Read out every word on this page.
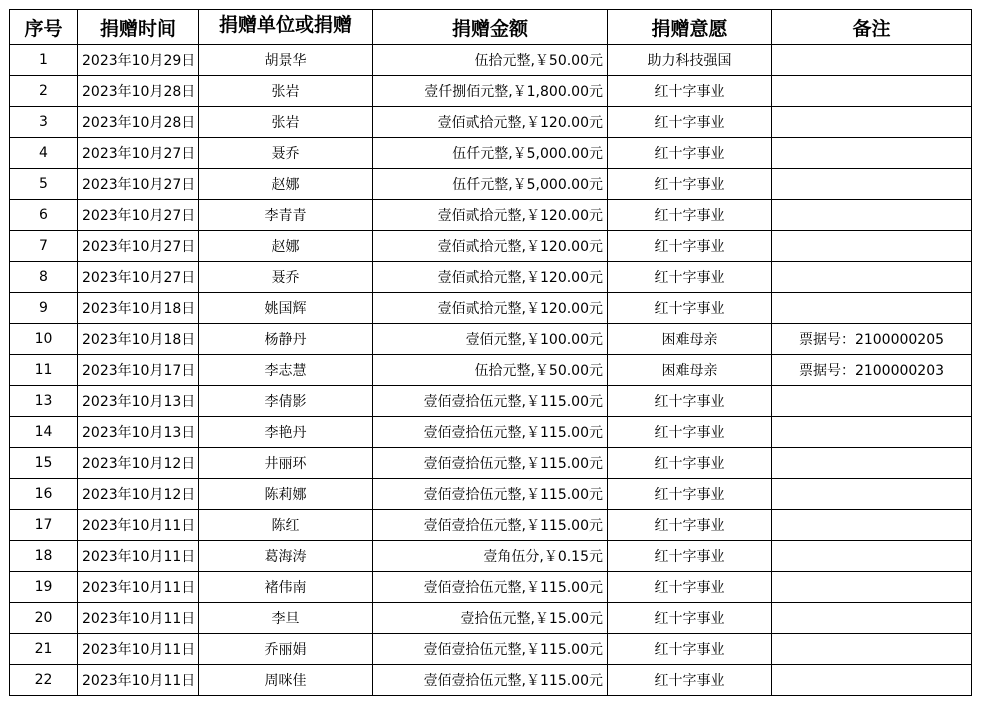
序号	捐赠时间	捐赠单位或捐赠	捐赠金额	捐赠意愿	备注
1	2023年10月29日	胡景华	伍拾元整,￥50.00元	助力科技强国	
2	2023年10月28日	张岩	壹仟捌佰元整,￥1,800.00元	红十字事业	
3	2023年10月28日	张岩	壹佰贰拾元整,￥120.00元	红十字事业	
4	2023年10月27日	聂乔	伍仟元整,￥5,000.00元	红十字事业	
5	2023年10月27日	赵娜	伍仟元整,￥5,000.00元	红十字事业	
6	2023年10月27日	李青青	壹佰贰拾元整,￥120.00元	红十字事业	
7	2023年10月27日	赵娜	壹佰贰拾元整,￥120.00元	红十字事业	
8	2023年10月27日	聂乔	壹佰贰拾元整,￥120.00元	红十字事业	
9	2023年10月18日	姚国辉	壹佰贰拾元整,￥120.00元	红十字事业	
10	2023年10月18日	杨静丹	壹佰元整,￥100.00元	困难母亲	票据号：2100000205
11	2023年10月17日	李志慧	伍拾元整,￥50.00元	困难母亲	票据号：2100000203
13	2023年10月13日	李倩影	壹佰壹拾伍元整,￥115.00元	红十字事业	
14	2023年10月13日	李艳丹	壹佰壹拾伍元整,￥115.00元	红十字事业	
15	2023年10月12日	井丽环	壹佰壹拾伍元整,￥115.00元	红十字事业	
16	2023年10月12日	陈莉娜	壹佰壹拾伍元整,￥115.00元	红十字事业	
17	2023年10月11日	陈红	壹佰壹拾伍元整,￥115.00元	红十字事业	
18	2023年10月11日	葛海涛	壹角伍分,￥0.15元	红十字事业	
19	2023年10月11日	褚伟南	壹佰壹拾伍元整,￥115.00元	红十字事业	
20	2023年10月11日	李旦	壹拾伍元整,￥15.00元	红十字事业	
21	2023年10月11日	乔丽娟	壹佰壹拾伍元整,￥115.00元	红十字事业	
22	2023年10月11日	周咪佳	壹佰壹拾伍元整,￥115.00元	红十字事业	
